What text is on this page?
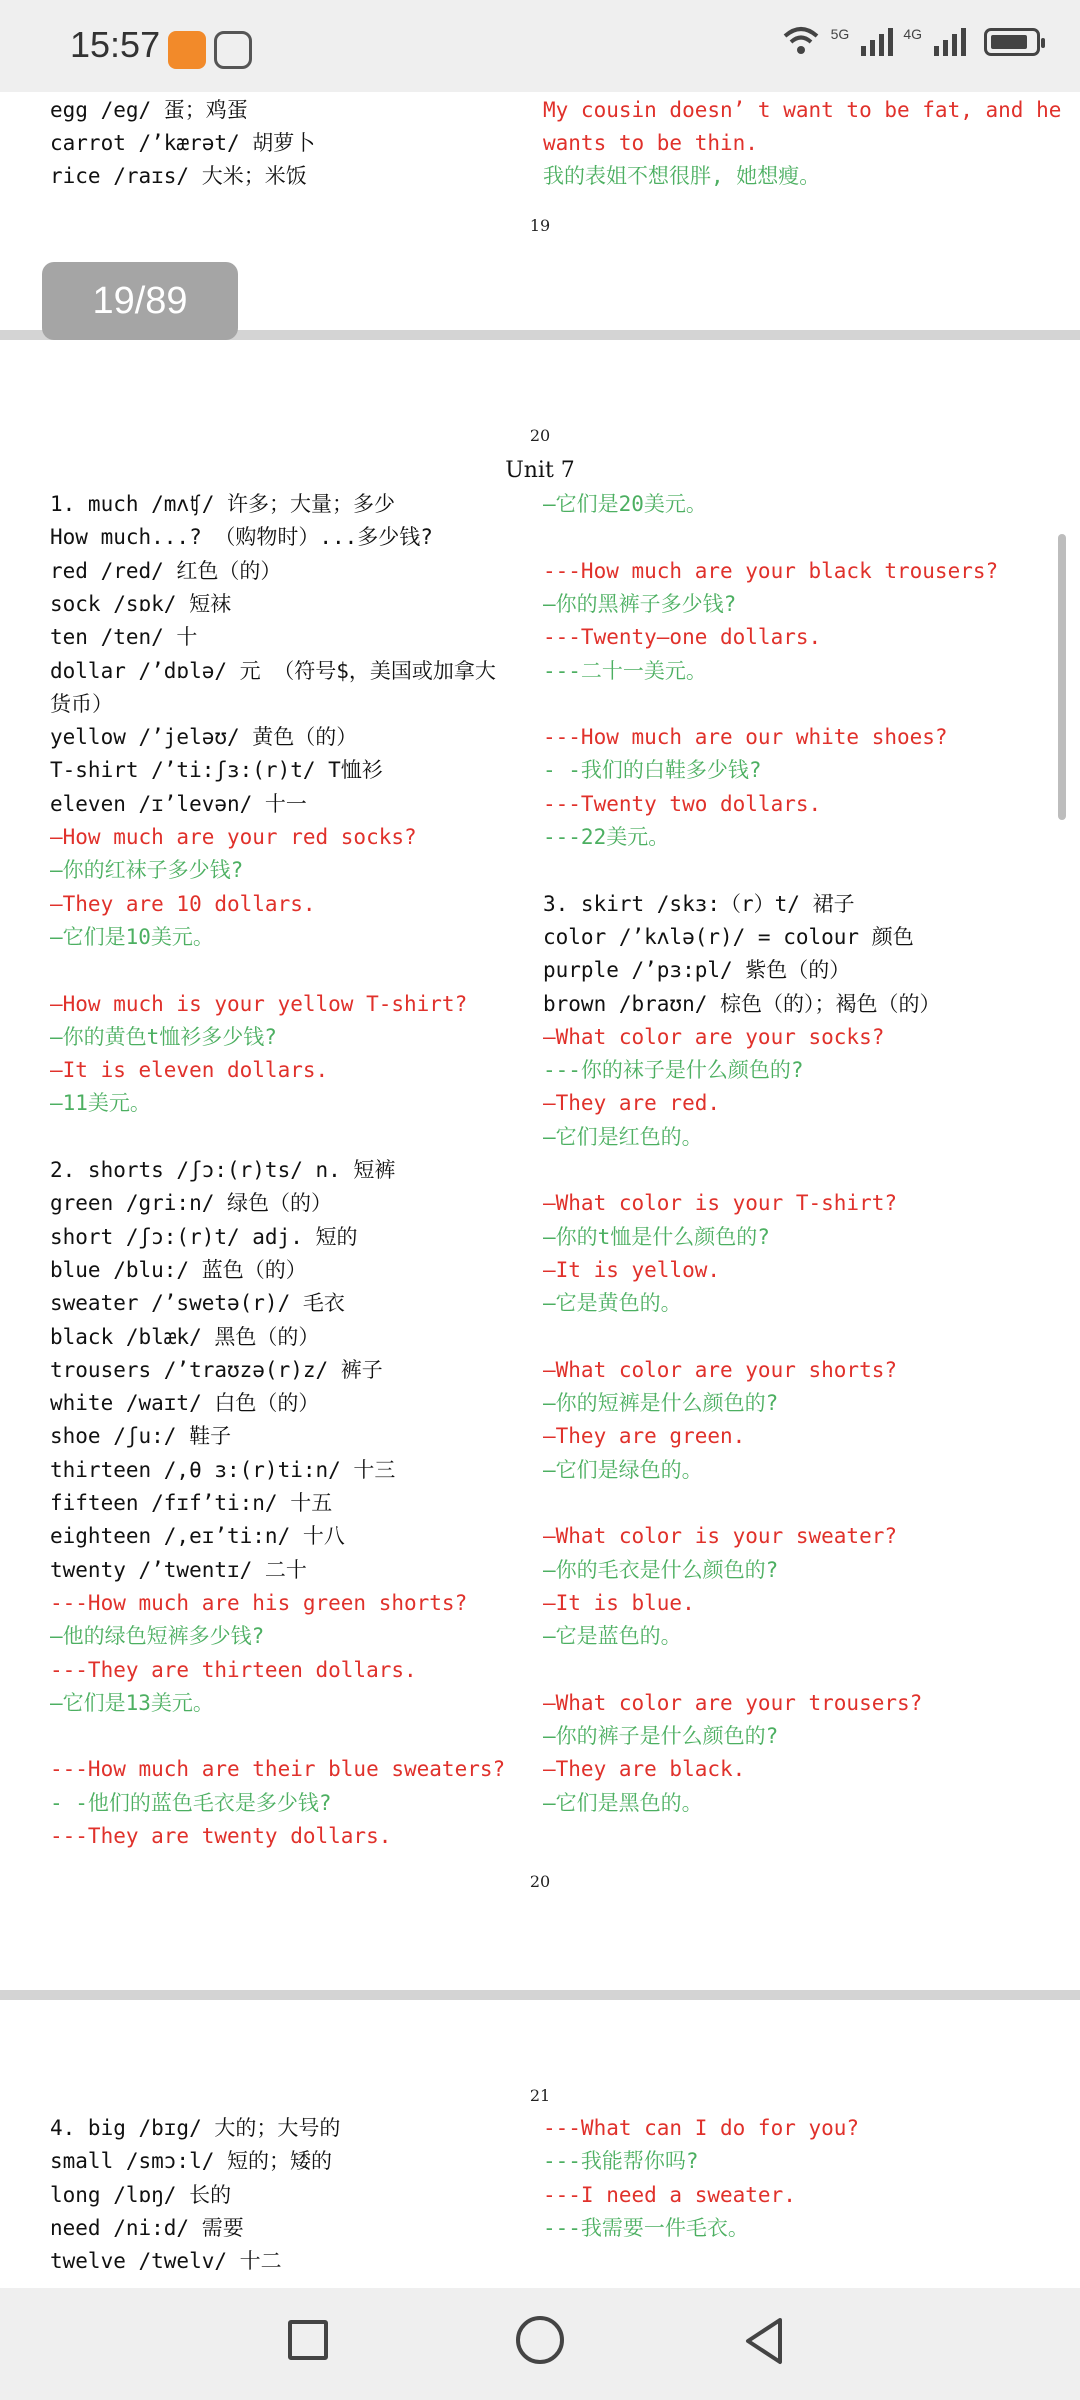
15:57	5G	4G
egg /eg/ 蛋；鸡蛋
carrot /’kærət/ 胡萝卜
rice /raɪs/ 大米；米饭
My cousin doesn’ t want to be fat, and he
wants to be thin.
我的表姐不想很胖, 她想瘦。
19
19/89
20
Unit 7
1. much /mʌʧ/ 许多；大量；多少
How much...? （购物时）...多少钱?
red /red/ 红色（的）
sock /sɒk/ 短袜
ten /ten/ 十
dollar /’dɒlə/ 元 （符号$，美国或加拿大
货币）
yellow /’jeləʊ/ 黄色（的）
T-shirt /’ti:ʃɜ:(r)t/ T恤衫
eleven /ɪ’levən/ 十一
—How much are your red socks?
—你的红袜子多少钱?
—They are 10 dollars.
—它们是10美元。
—How much is your yellow T-shirt?
—你的黄色t恤衫多少钱?
—It is eleven dollars.
—11美元。
2. shorts /ʃɔ:(r)ts/ n. 短裤
green /gri:n/ 绿色（的）
short /ʃɔ:(r)t/ adj. 短的
blue /blu:/ 蓝色（的）
sweater /’swetə(r)/ 毛衣
black /blæk/ 黑色（的）
trousers /’traʊzə(r)z/ 裤子
white /waɪt/ 白色（的）
shoe /ʃu:/ 鞋子
thirteen /,θ ɜ:(r)ti:n/ 十三
fifteen /fɪf’ti:n/ 十五
eighteen /,eɪ’ti:n/ 十八
twenty /’twentɪ/ 二十
---How much are his green shorts?
—他的绿色短裤多少钱?
---They are thirteen dollars.
—它们是13美元。
---How much are their blue sweaters?
- -他们的蓝色毛衣是多少钱?
---They are twenty dollars.
—它们是20美元。
---How much are your black trousers?
—你的黑裤子多少钱?
---Twenty—one dollars.
---二十一美元。
---How much are our white shoes?
- -我们的白鞋多少钱?
---Twenty two dollars.
---22美元。
3. skirt /skɜ:（r）t/ 裙子
color /’kʌlə(r)/ = colour 颜色
purple /’pɜ:pl/ 紫色（的）
brown /braʊn/ 棕色（的）；褐色（的）
—What color are your socks?
---你的袜子是什么颜色的?
—They are red.
—它们是红色的。
—What color is your T-shirt?
—你的t恤是什么颜色的?
—It is yellow.
—它是黄色的。
—What color are your shorts?
—你的短裤是什么颜色的?
—They are green.
—它们是绿色的。
—What color is your sweater?
—你的毛衣是什么颜色的?
—It is blue.
—它是蓝色的。
—What color are your trousers?
—你的裤子是什么颜色的?
—They are black.
—它们是黑色的。
20
21
4. big /bɪg/ 大的；大号的
small /smɔ:l/ 短的；矮的
long /lɒŋ/ 长的
need /ni:d/ 需要
twelve /twelv/ 十二
---What can I do for you?
---我能帮你吗?
---I need a sweater.
---我需要一件毛衣。
